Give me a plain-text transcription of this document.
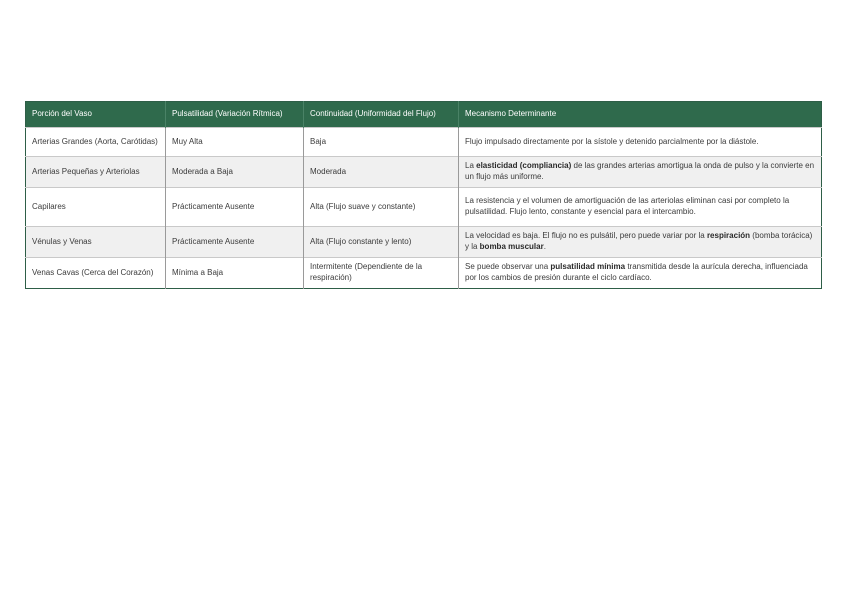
Porción del Vaso	Pulsatilidad (Variación Rítmica)	Continuidad (Uniformidad del Flujo)	Mecanismo Determinante
Arterias Grandes (Aorta, Carótidas)	Muy Alta	Baja	Flujo impulsado directamente por la sístole y detenido parcialmente por la diástole.
Arterias Pequeñas y Arteriolas	Moderada a Baja	Moderada	La elasticidad (compliancia) de las grandes arterias amortigua la onda de pulso y la convierte en un flujo más uniforme.
Capilares	Prácticamente Ausente	Alta (Flujo suave y constante)	La resistencia y el volumen de amortiguación de las arteriolas eliminan casi por completo la pulsatilidad. Flujo lento, constante y esencial para el intercambio.
Vénulas y Venas	Prácticamente Ausente	Alta (Flujo constante y lento)	La velocidad es baja. El flujo no es pulsátil, pero puede variar por la respiración (bomba torácica) y la bomba muscular.
Venas Cavas (Cerca del Corazón)	Mínima a Baja	Intermitente (Dependiente de la respiración)	Se puede observar una pulsatilidad mínima transmitida desde la aurícula derecha, influenciada por los cambios de presión durante el ciclo cardíaco.
